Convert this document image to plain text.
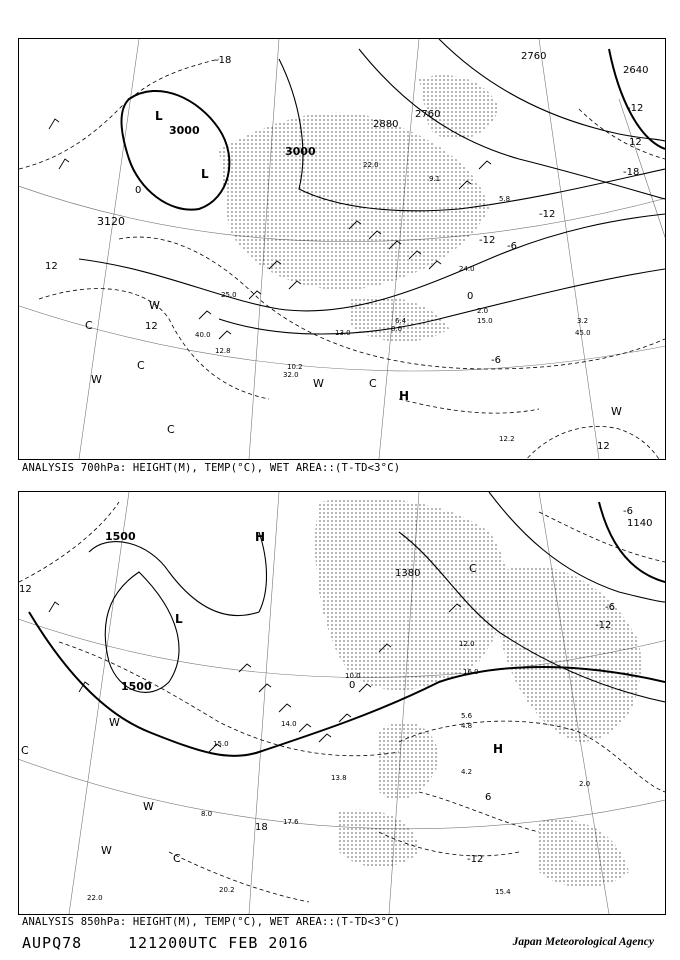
3000
3000
3120
2880
2760
2760
2640
-18
-18
-12
-12
-12
-6
-6
0
0
12
12
12
12
L
L
H
W
W	W
W
C
C
C
C
22.0
9.1
5.8
15.0
8.0
24.0
45.0
32.0
13.0
25.0
40.0
12.2
3.2
2.0
10.2
12.8
6.4
ANALYSIS 700hPa: HEIGHT(M), TEMP(°C), WET AREA::(T-TD<3°C)
1500
1500
1380
1140
-6
-6
-12
-12
12
18
6
0
L
H
H
W
W
W
C
C
C
15.0
16.0
14.0
12.0
10.0
4.8
5.6
2.0
17.6
13.8
4.2
8.0
15.4
20.2
22.0
ANALYSIS 850hPa: HEIGHT(M), TEMP(°C), WET AREA::(T-TD<3°C)
AUPQ78	121200UTC FEB 2016	Japan Meteorological Agency
